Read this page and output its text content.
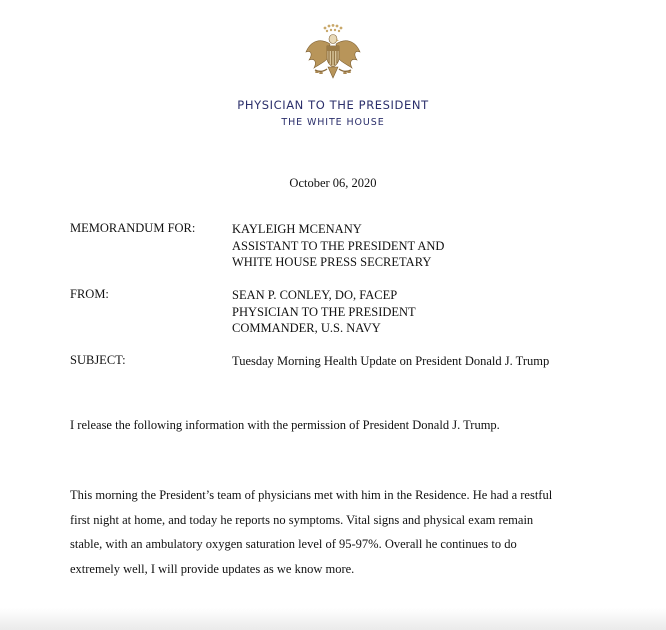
PHYSICIAN TO THE PRESIDENT
THE WHITE HOUSE
October 06, 2020
MEMORANDUM FOR:	KAYLEIGH MCENANY
ASSISTANT TO THE PRESIDENT AND
WHITE HOUSE PRESS SECRETARY
FROM:	SEAN P. CONLEY, DO, FACEP
PHYSICIAN TO THE PRESIDENT
COMMANDER, U.S. NAVY
SUBJECT:	Tuesday Morning Health Update on President Donald J. Trump
I release the following information with the permission of President Donald J. Trump.
This morning the President’s team of physicians met with him in the Residence. He had a restful
first night at home, and today he reports no symptoms. Vital signs and physical exam remain
stable, with an ambulatory oxygen saturation level of 95-97%. Overall he continues to do
extremely well, I will provide updates as we know more.
